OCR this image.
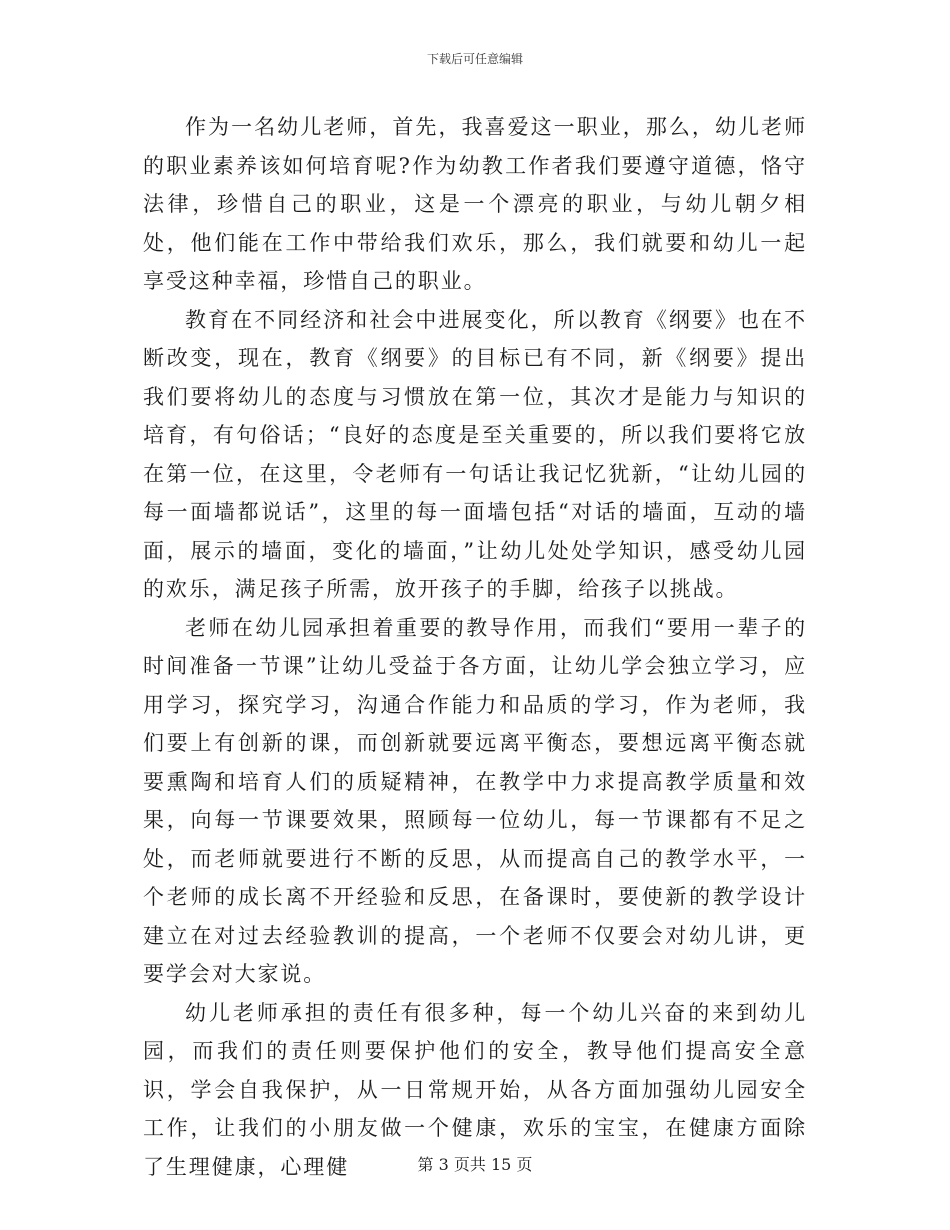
下载后可任意编辑

作为一名幼儿老师，首先，我喜爱这一职业，那么，幼儿老师的职业素养该如何培育呢?作为幼教工作者我们要遵守道德，恪守法律，珍惜自己的职业，这是一个漂亮的职业，与幼儿朝夕相处，他们能在工作中带给我们欢乐，那么，我们就要和幼儿一起享受这种幸福，珍惜自己的职业。

教育在不同经济和社会中进展变化，所以教育《纲要》也在不断改变，现在，教育《纲要》的目标已有不同，新《纲要》提出我们要将幼儿的态度与习惯放在第一位，其次才是能力与知识的培育，有句俗话；“良好的态度是至关重要的，所以我们要将它放在第一位，在这里，令老师有一句话让我记忆犹新，“让幼儿园的每一面墙都说话”，这里的每一面墙包括“对话的墙面，互动的墙面，展示的墙面，变化的墙面，”让幼儿处处学知识，感受幼儿园的欢乐，满足孩子所需，放开孩子的手脚，给孩子以挑战。

老师在幼儿园承担着重要的教导作用，而我们“要用一辈子的时间准备一节课”让幼儿受益于各方面，让幼儿学会独立学习，应用学习，探究学习，沟通合作能力和品质的学习，作为老师，我们要上有创新的课，而创新就要远离平衡态，要想远离平衡态就要熏陶和培育人们的质疑精神，在教学中力求提高教学质量和效果，向每一节课要效果，照顾每一位幼儿，每一节课都有不足之处，而老师就要进行不断的反思，从而提高自己的教学水平，一个老师的成长离不开经验和反思，在备课时，要使新的教学设计建立在对过去经验教训的提高，一个老师不仅要会对幼儿讲，更要学会对大家说。

幼儿老师承担的责任有很多种，每一个幼儿兴奋的来到幼儿园，而我们的责任则要保护他们的安全，教导他们提高安全意识，学会自我保护，从一日常规开始，从各方面加强幼儿园安全工作，让我们的小朋友做一个健康，欢乐的宝宝，在健康方面除了生理健康，心理健	第 3 页共 15 页
